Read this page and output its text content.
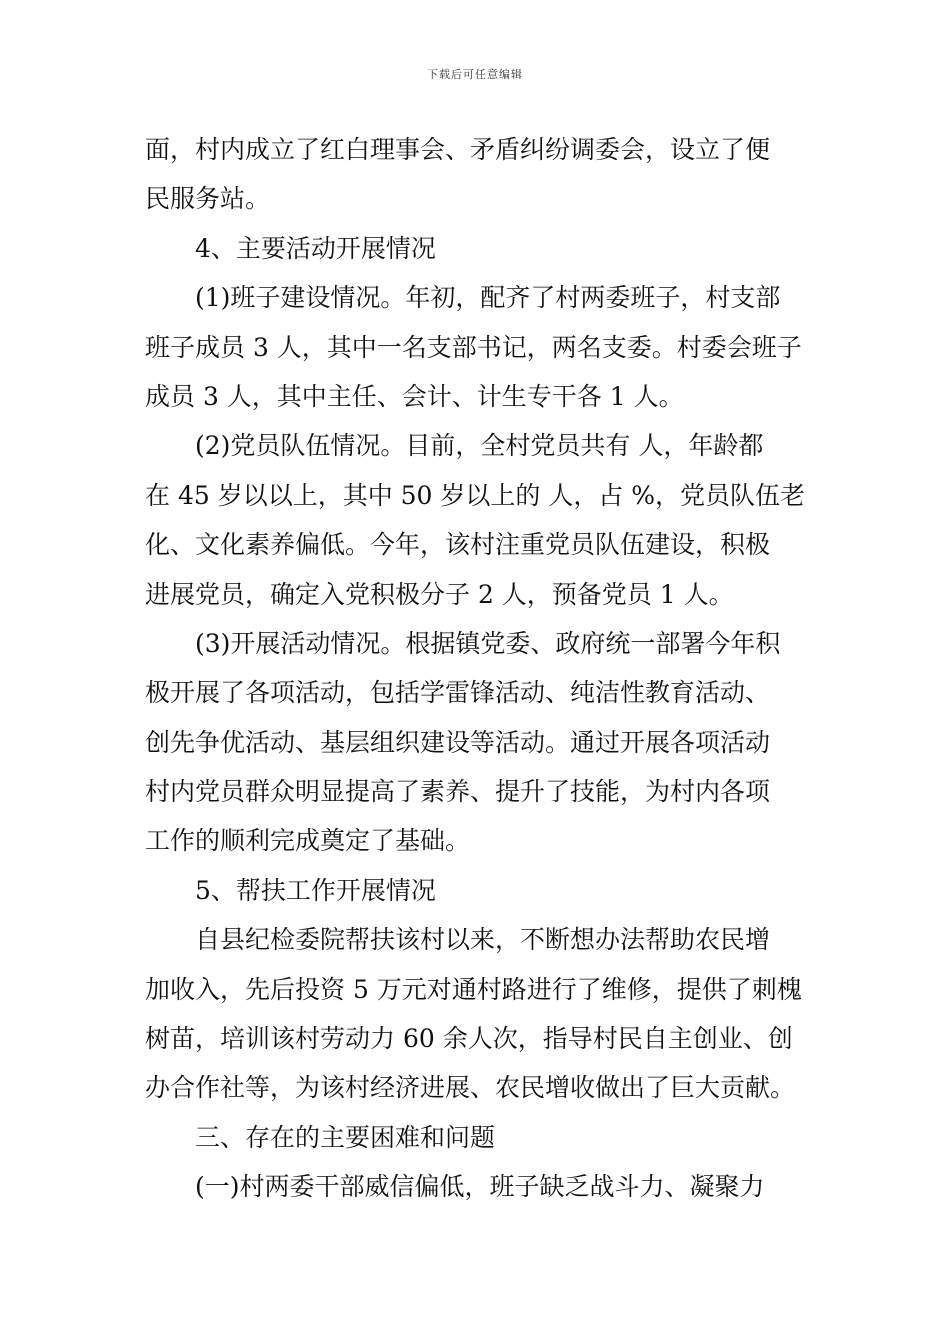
下载后可任意编辑
面，村内成立了红白理事会、矛盾纠纷调委会，设立了便
民服务站。
4、主要活动开展情况
(1)班子建设情况。年初，配齐了村两委班子，村支部
班子成员 3 人，其中一名支部书记，两名支委。村委会班子
成员 3 人，其中主任、会计、计生专干各 1 人。
(2)党员队伍情况。目前，全村党员共有 人，年龄都
在 45 岁以以上，其中 50 岁以上的 人，占 %，党员队伍老
化、文化素养偏低。今年，该村注重党员队伍建设，积极
进展党员，确定入党积极分子 2 人，预备党员 1 人。
(3)开展活动情况。根据镇党委、政府统一部署今年积
极开展了各项活动，包括学雷锋活动、纯洁性教育活动、
创先争优活动、基层组织建设等活动。通过开展各项活动
村内党员群众明显提高了素养、提升了技能，为村内各项
工作的顺利完成奠定了基础。
5、帮扶工作开展情况
自县纪检委院帮扶该村以来，不断想办法帮助农民增
加收入，先后投资 5 万元对通村路进行了维修，提供了刺槐
树苗，培训该村劳动力 60 余人次，指导村民自主创业、创
办合作社等，为该村经济进展、农民增收做出了巨大贡献。
三、存在的主要困难和问题
(一)村两委干部威信偏低，班子缺乏战斗力、凝聚力
